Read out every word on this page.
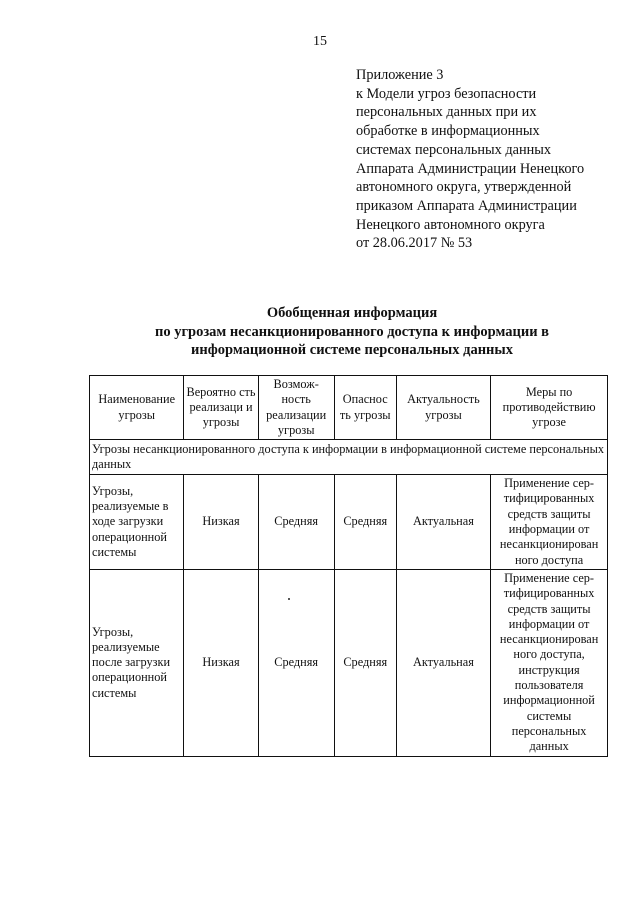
15
Приложение 3
к Модели угроз безопасности
персональных данных при их
обработке в информационных
системах персональных данных
Аппарата Администрации Ненецкого
автономного округа, утвержденной
приказом Аппарата Администрации
Ненецкого автономного округа
от 28.06.2017 № 53
Обобщенная информация
по угрозам несанкционированного доступа к информации в
информационной системе персональных данных
Наименование угрозы	Вероятно сть реализаци и угрозы	Возмож- ность реализации угрозы	Опаснос ть угрозы	Актуальность угрозы	Меры по противодействию угрозе
Угрозы несанкционированного доступа к информации в информационной системе персональных данных					
Угрозы, реализуемые в ходе загрузки операционной системы	Низкая	Средняя	Средняя	Актуальная	Применение сер-тифицированных средств защиты информации от несанкционирован ного доступа
Угрозы, реализуемые после загрузки операционной системы	Низкая	Средняя	Средняя	Актуальная	Применение сер-тифицированных средств защиты информации от несанкционирован ного доступа, инструкция пользователя информационной системы персональных данных
